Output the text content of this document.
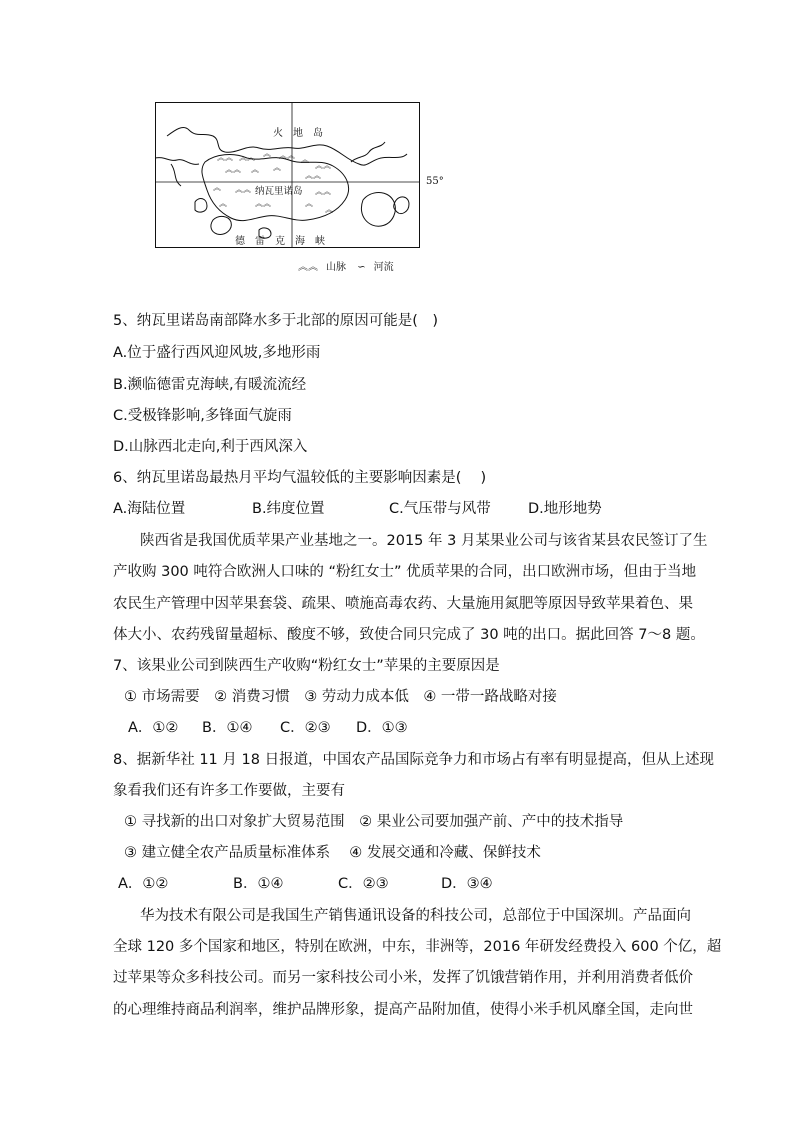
︽︽ ︽︽ ︽ ︽︽ ︽
︽︽
︽︽ ︽ ︽
︽︽
︽ ︽︽	︽︽
︽	︽︽	︽
︽
火　地　岛
纳瓦里诺岛
德　雷　克　海　峡
55°
︽︽ 山脉 ∽ 河流
5、纳瓦里诺岛南部降水多于北部的原因可能是(　)
A.位于盛行西风迎风坡,多地形雨
B.濒临德雷克海峡,有暖流流经
C.受极锋影响,多锋面气旋雨
D.山脉西北走向,利于西风深入
6、纳瓦里诺岛最热月平均气温较低的主要影响因素是(　 )
A.海陆位置	B.纬度位置	C.气压带与风带	D.地形地势
陕西省是我国优质苹果产业基地之一。2015 年 3 月某果业公司与该省某县农民签订了生
产收购 300 吨符合欧洲人口味的 “粉红女士” 优质苹果的合同，出口欧洲市场，但由于当地
农民生产管理中因苹果套袋、疏果、喷施高毒农药、大量施用氮肥等原因导致苹果着色、果
体大小、农药残留量超标、酸度不够，致使合同只完成了 30 吨的出口。据此回答 7～8 题。
7、该果业公司到陕西生产收购“粉红女士”苹果的主要原因是
① 市场需要　② 消费习惯　③ 劳动力成本低　④ 一带一路战略对接
A．①② B．①④ C．②③ D．①③
8、据新华社 11 月 18 日报道，中国农产品国际竞争力和市场占有率有明显提高，但从上述现
象看我们还有许多工作要做，主要有
① 寻找新的出口对象扩大贸易范围　② 果业公司要加强产前、产中的技术指导
③ 建立健全农产品质量标准体系　 ④ 发展交通和冷藏、保鲜技术
A．①②	B．①④	C．②③	D．③④
华为技术有限公司是我国生产销售通讯设备的科技公司，总部位于中国深圳。产品面向
全球 120 多个国家和地区，特别在欧洲，中东，非洲等，2016 年研发经费投入 600 个亿，超
过苹果等众多科技公司。而另一家科技公司小米，发挥了饥饿营销作用，并利用消费者低价
的心理维持商品利润率，维护品牌形象，提高产品附加值，使得小米手机风靡全国，走向世
